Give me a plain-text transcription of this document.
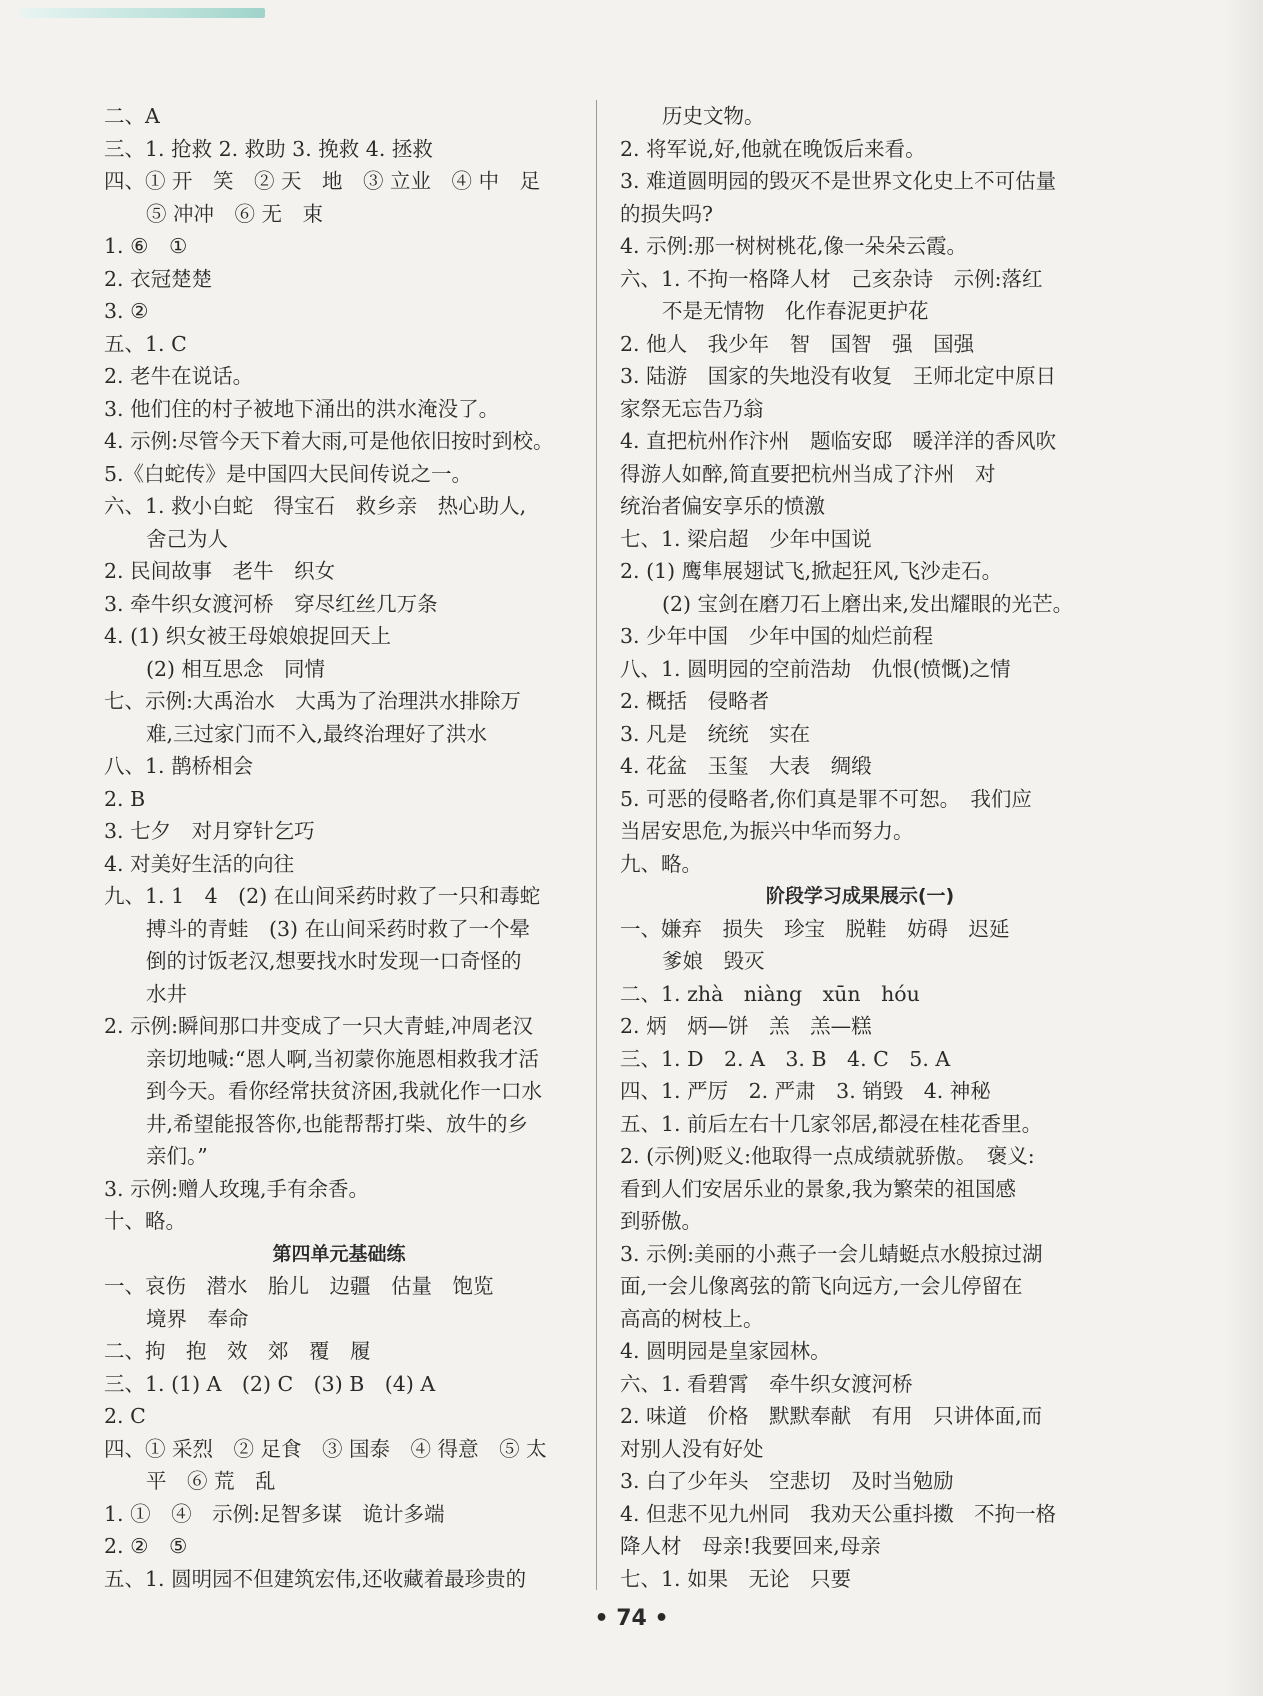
二、A
三、1. 抢救 2. 救助 3. 挽救 4. 拯救
四、① 开　笑　② 天　地　③ 立业　④ 中　足
⑤ 冲冲　⑥ 无　束
1. ⑥　①
2. 衣冠楚楚
3. ②
五、1. C
2. 老牛在说话。
3. 他们住的村子被地下涌出的洪水淹没了。
4. 示例:尽管今天下着大雨,可是他依旧按时到校。
5.《白蛇传》是中国四大民间传说之一。
六、1. 救小白蛇　得宝石　救乡亲　热心助人,
舍己为人
2. 民间故事　老牛　织女
3. 牵牛织女渡河桥　穿尽红丝几万条
4. (1) 织女被王母娘娘捉回天上
(2) 相互思念　同情
七、示例:大禹治水　大禹为了治理洪水排除万
难,三过家门而不入,最终治理好了洪水
八、1. 鹊桥相会
2. B
3. 七夕　对月穿针乞巧
4. 对美好生活的向往
九、1. 1　4　(2) 在山间采药时救了一只和毒蛇
搏斗的青蛙　(3) 在山间采药时救了一个晕
倒的讨饭老汉,想要找水时发现一口奇怪的
水井
2. 示例:瞬间那口井变成了一只大青蛙,冲周老汉
亲切地喊:“恩人啊,当初蒙你施恩相救我才活
到今天。看你经常扶贫济困,我就化作一口水
井,希望能报答你,也能帮帮打柴、放牛的乡
亲们。”
3. 示例:赠人玫瑰,手有余香。
十、略。
第四单元基础练
一、哀伤　潜水　胎儿　边疆　估量　饱览
境界　奉命
二、拘　抱　效　郊　覆　履
三、1. (1) A　(2) C　(3) B　(4) A
2. C
四、① 采烈　② 足食　③ 国泰　④ 得意　⑤ 太
平　⑥ 荒　乱
1. ①　④　示例:足智多谋　诡计多端
2. ②　⑤
五、1. 圆明园不但建筑宏伟,还收藏着最珍贵的
历史文物。
2. 将军说,好,他就在晚饭后来看。
3. 难道圆明园的毁灭不是世界文化史上不可估量
的损失吗?
4. 示例:那一树树桃花,像一朵朵云霞。
六、1. 不拘一格降人材　己亥杂诗　示例:落红
不是无情物　化作春泥更护花
2. 他人　我少年　智　国智　强　国强
3. 陆游　国家的失地没有收复　王师北定中原日
家祭无忘告乃翁
4. 直把杭州作汴州　题临安邸　暖洋洋的香风吹
得游人如醉,简直要把杭州当成了汴州　对
统治者偏安享乐的愤激
七、1. 梁启超　少年中国说
2. (1) 鹰隼展翅试飞,掀起狂风,飞沙走石。
(2) 宝剑在磨刀石上磨出来,发出耀眼的光芒。
3. 少年中国　少年中国的灿烂前程
八、1. 圆明园的空前浩劫　仇恨(愤慨)之情
2. 概括　侵略者
3. 凡是　统统　实在
4. 花盆　玉玺　大表　绸缎
5. 可恶的侵略者,你们真是罪不可恕。　我们应
当居安思危,为振兴中华而努力。
九、略。
阶段学习成果展示(一)
一、嫌弃　损失　珍宝　脱鞋　妨碍　迟延
爹娘　毁灭
二、1. zhà　niàng　xūn　hóu
2. 炳　炳—饼　羔　羔—糕
三、1. D　2. A　3. B　4. C　5. A
四、1. 严厉　2. 严肃　3. 销毁　4. 神秘
五、1. 前后左右十几家邻居,都浸在桂花香里。
2. (示例)贬义:他取得一点成绩就骄傲。　褒义:
看到人们安居乐业的景象,我为繁荣的祖国感
到骄傲。
3. 示例:美丽的小燕子一会儿蜻蜓点水般掠过湖
面,一会儿像离弦的箭飞向远方,一会儿停留在
高高的树枝上。
4. 圆明园是皇家园林。
六、1. 看碧霄　牵牛织女渡河桥
2. 味道　价格　默默奉献　有用　只讲体面,而
对别人没有好处
3. 白了少年头　空悲切　及时当勉励
4. 但悲不见九州同　我劝天公重抖擞　不拘一格
降人材　母亲!我要回来,母亲
七、1. 如果　无论　只要
• 74 •
